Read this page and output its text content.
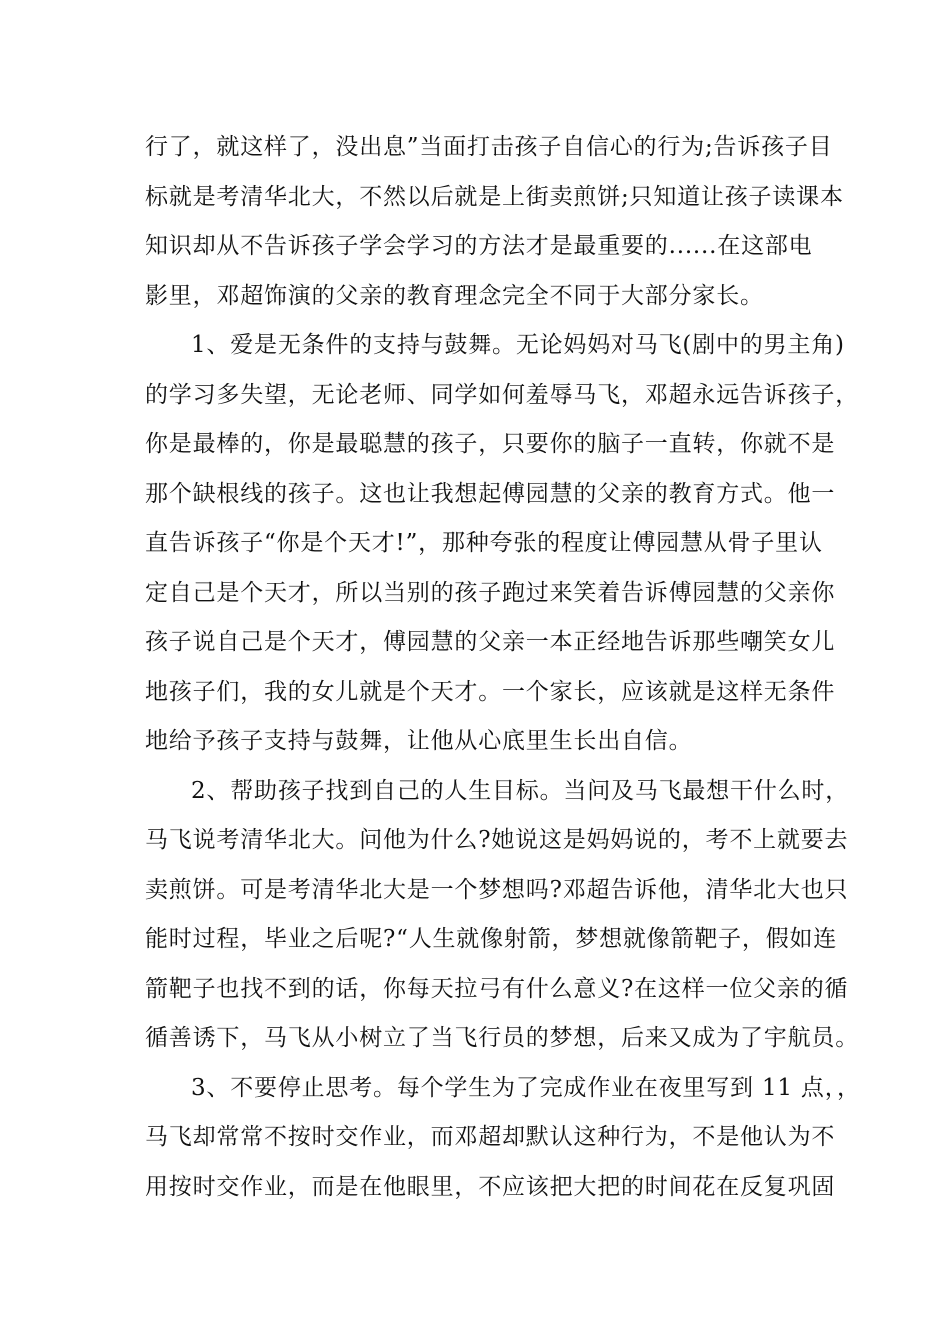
行了，就这样了，没出息”当面打击孩子自信心的行为;告诉孩子目
标就是考清华北大，不然以后就是上街卖煎饼;只知道让孩子读课本
知识却从不告诉孩子学会学习的方法才是最重要的......在这部电
影里，邓超饰演的父亲的教育理念完全不同于大部分家长。
1、爱是无条件的支持与鼓舞。无论妈妈对马飞(剧中的男主角)
的学习多失望，无论老师、同学如何羞辱马飞，邓超永远告诉孩子，
你是最棒的，你是最聪慧的孩子，只要你的脑子一直转，你就不是
那个缺根线的孩子。这也让我想起傅园慧的父亲的教育方式。他一
直告诉孩子“你是个天才!”，那种夸张的程度让傅园慧从骨子里认
定自己是个天才，所以当别的孩子跑过来笑着告诉傅园慧的父亲你
孩子说自己是个天才，傅园慧的父亲一本正经地告诉那些嘲笑女儿
地孩子们，我的女儿就是个天才。一个家长，应该就是这样无条件
地给予孩子支持与鼓舞，让他从心底里生长出自信。
2、帮助孩子找到自己的人生目标。当问及马飞最想干什么时，
马飞说考清华北大。问他为什么?她说这是妈妈说的，考不上就要去
卖煎饼。可是考清华北大是一个梦想吗?邓超告诉他，清华北大也只
能时过程，毕业之后呢?“人生就像射箭，梦想就像箭靶子，假如连
箭靶子也找不到的话，你每天拉弓有什么意义?在这样一位父亲的循
循善诱下，马飞从小树立了当飞行员的梦想，后来又成为了宇航员。
3、不要停止思考。每个学生为了完成作业在夜里写到 11 点，，
马飞却常常不按时交作业，而邓超却默认这种行为，不是他认为不
用按时交作业，而是在他眼里，不应该把大把的时间花在反复巩固
